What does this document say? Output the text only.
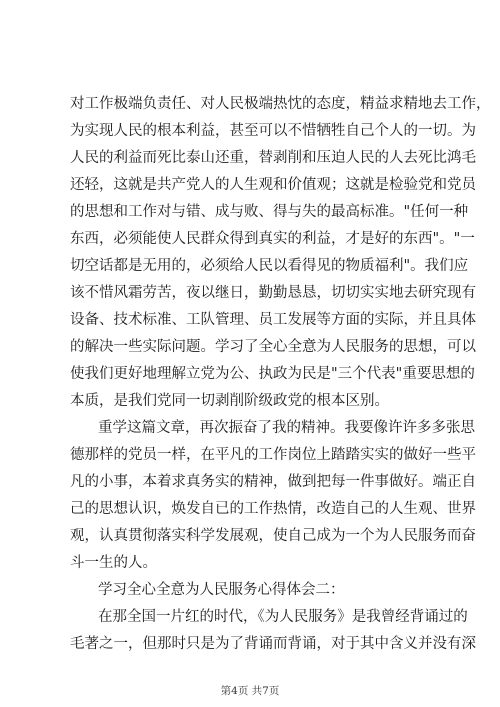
对工作极端负责任、对人民极端热忱的态度，精益求精地去工作，
为实现人民的根本利益，甚至可以不惜牺牲自己个人的一切。为
人民的利益而死比泰山还重，替剥削和压迫人民的人去死比鸿毛
还轻，这就是共产党人的人生观和价值观；这就是检验党和党员
的思想和工作对与错、成与败、得与失的最高标准。"任何一种
东西，必须能使人民群众得到真实的利益，才是好的东西"。"一
切空话都是无用的，必须给人民以看得见的物质福利"。我们应
该不惜风霜劳苦，夜以继日，勤勤恳恳，切切实实地去研究现有
设备、技术标准、工队管理、员工发展等方面的实际，并且具体
的解决一些实际问题。学习了全心全意为人民服务的思想，可以
使我们更好地理解立党为公、执政为民是"三个代表"重要思想的
本质，是我们党同一切剥削阶级政党的根本区别。
重学这篇文章，再次振奋了我的精神。我要像许许多多张思
德那样的党员一样，在平凡的工作岗位上踏踏实实的做好一些平
凡的小事，本着求真务实的精神，做到把每一件事做好。端正自
己的思想认识，焕发自已的工作热情，改造自己的人生观、世界
观，认真贯彻落实科学发展观，使自己成为一个为人民服务而奋
斗一生的人。
学习全心全意为人民服务心得体会二：
在那全国一片红的时代，《为人民服务》是我曾经背诵过的
毛著之一，但那时只是为了背诵而背诵，对于其中含义并没有深
第4页 共7页
